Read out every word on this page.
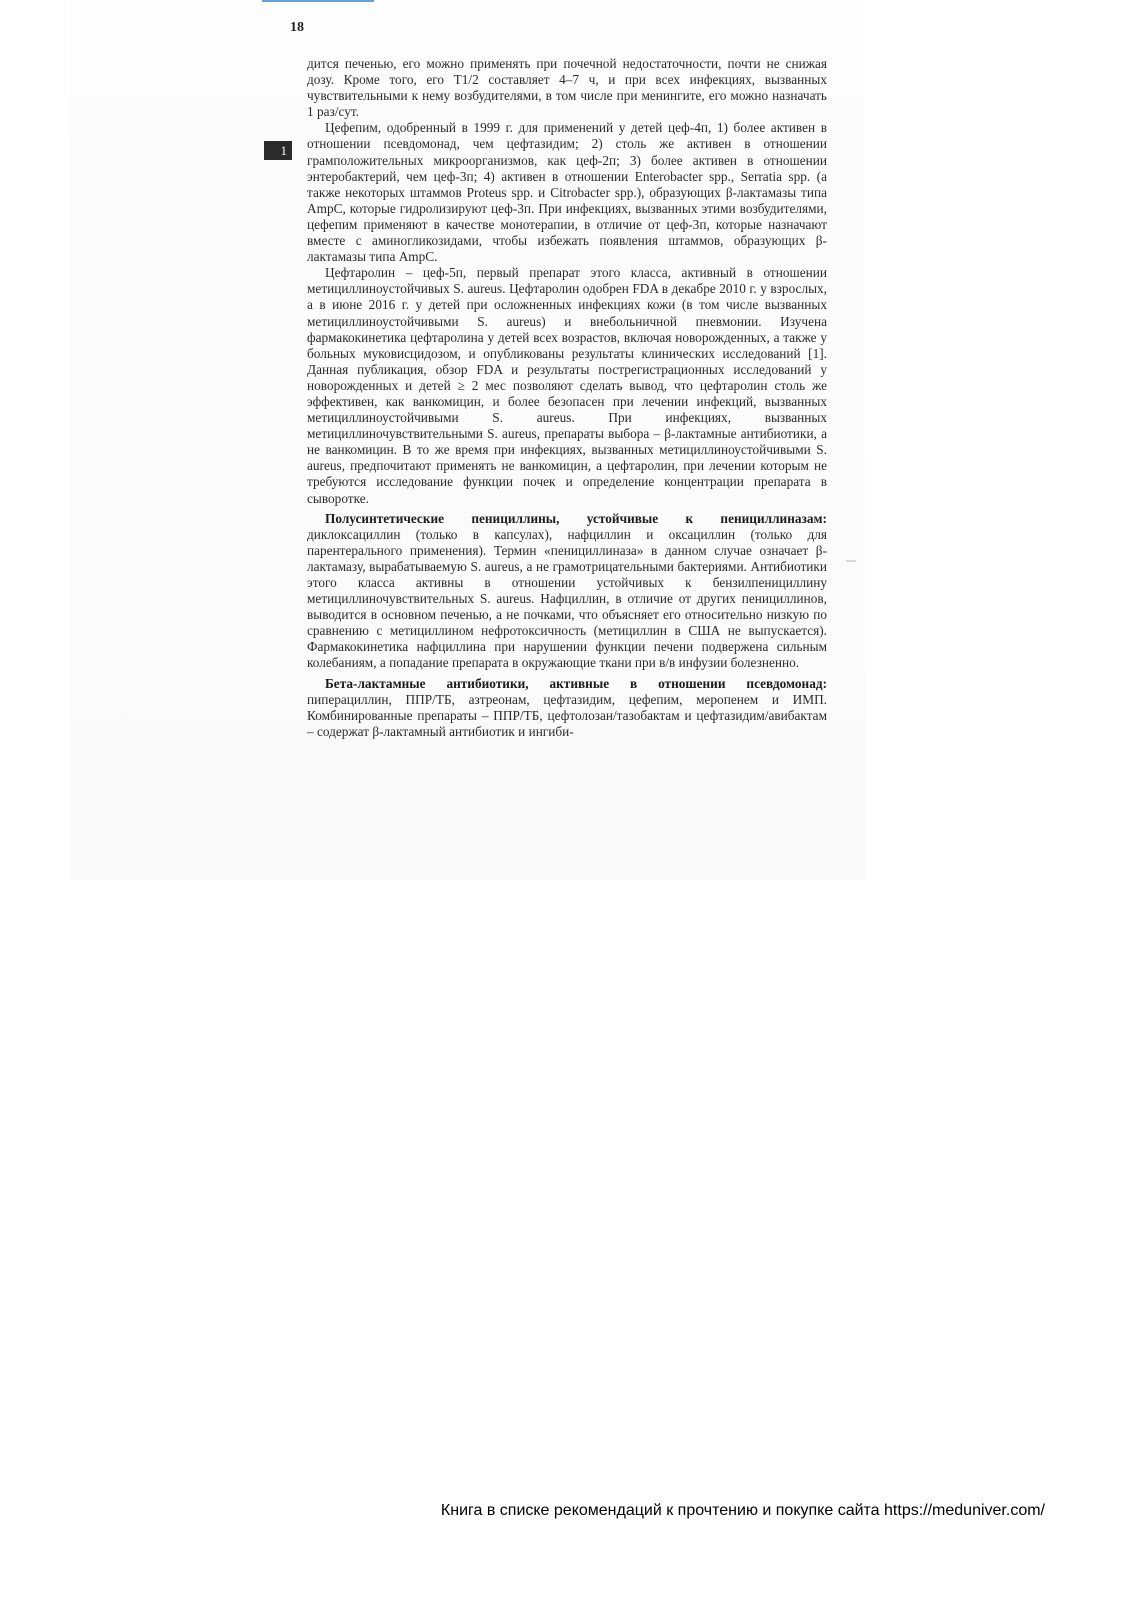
18
1

дится печенью, его можно применять при почечной недостаточности, почти не снижая дозу. Кроме того, его T1/2 составляет 4–7 ч, и при всех инфекциях, вызванных чувствительными к нему возбудителями, в том числе при менингите, его можно назначать 1 раз/сут.

Цефепим, одобренный в 1999 г. для применений у детей цеф-4п, 1) более активен в отношении псевдомонад, чем цефтазидим; 2) столь же активен в отношении грамположительных микроорганизмов, как цеф-2п; 3) более активен в отношении энтеробактерий, чем цеф-3п; 4) активен в отношении Enterobacter spp., Serratia spp. (а также некоторых штаммов Proteus spp. и Citrobacter spp.), образующих β-лактамазы типа AmpC, которые гидролизируют цеф-3п. При инфекциях, вызванных этими возбудителями, цефепим применяют в качестве монотерапии, в отличие от цеф-3п, которые назначают вместе с аминогликозидами, чтобы избежать появления штаммов, образующих β-лактамазы типа AmpC.

Цефтаролин – цеф-5п, первый препарат этого класса, активный в отношении метициллиноустойчивых S. aureus. Цефтаролин одобрен FDA в декабре 2010 г. у взрослых, а в июне 2016 г. у детей при осложненных инфекциях кожи (в том числе вызванных метициллиноустойчивыми S. aureus) и внебольничной пневмонии. Изучена фармакокинетика цефтаролина у детей всех возрастов, включая новорожденных, а также у больных муковисцидозом, и опубликованы результаты клинических исследований [1]. Данная публикация, обзор FDA и результаты пострегистрационных исследований у новорожденных и детей ≥ 2 мес позволяют сделать вывод, что цефтаролин столь же эффективен, как ванкомицин, и более безопасен при лечении инфекций, вызванных метициллиноустойчивыми S. aureus. При инфекциях, вызванных метициллиночувствительными S. aureus, препараты выбора – β-лактамные антибиотики, а не ванкомицин. В то же время при инфекциях, вызванных метициллиноустойчивыми S. aureus, предпочитают применять не ванкомицин, а цефтаролин, при лечении которым не требуются исследование функции почек и определение концентрации препарата в сыворотке.

Полусинтетические пенициллины, устойчивые к пенициллиназам: диклоксациллин (только в капсулах), нафциллин и оксациллин (только для парентерального применения). Термин «пенициллиназа» в данном случае означает β-лактамазу, вырабатываемую S. aureus, а не грамотрицательными бактериями. Антибиотики этого класса активны в отношении устойчивых к бензилпенициллину метициллиночувствительных S. aureus. Нафциллин, в отличие от других пенициллинов, выводится в основном печенью, а не почками, что объясняет его относительно низкую по сравнению с метициллином нефротоксичность (метициллин в США не выпускается). Фармакокинетика нафциллина при нарушении функции печени подвержена сильным колебаниям, а попадание препарата в окружающие ткани при в/в инфузии болезненно.

Бета-лактамные антибиотики, активные в отношении псевдомонад: пиперациллин, ППР/ТБ, азтреонам, цефтазидим, цефепим, меропенем и ИМП. Комбинированные препараты – ППР/ТБ, цефтолозан/тазобактам и цефтазидим/авибактам – содержат β-лактамный антибиотик и ингиби-

Книга в списке рекомендаций к прочтению и покупке сайта https://meduniver.com/
